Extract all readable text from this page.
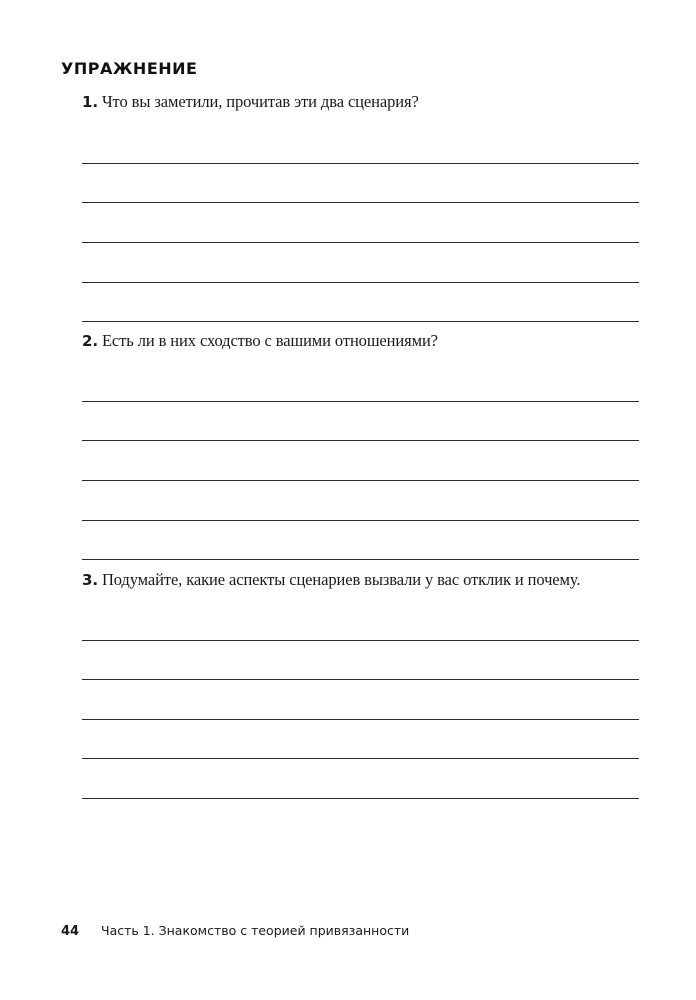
УПРАЖНЕНИЕ

1. Что вы заметили, прочитав эти два сценария?

2. Есть ли в них сходство с вашими отношениями?

3. Подумайте, какие аспекты сценариев вызвали у вас отклик и почему.

44 Часть 1. Знакомство с теорией привязанности
